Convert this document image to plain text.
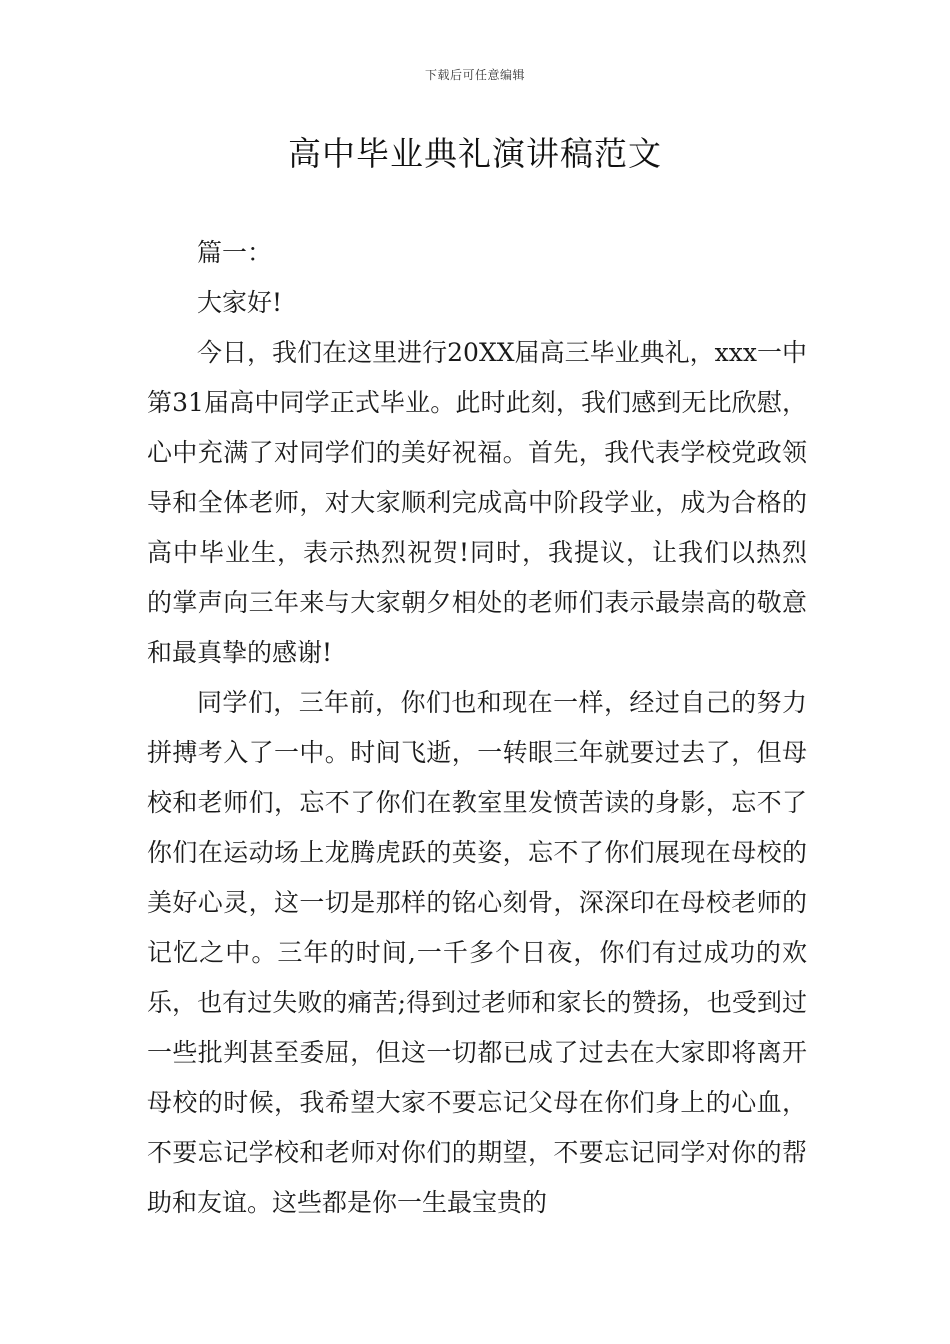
下载后可任意编辑
高中毕业典礼演讲稿范文

篇一：

大家好!

今日，我们在这里进行20XX届高三毕业典礼，xxx一中第31届高中同学正式毕业。此时此刻，我们感到无比欣慰，心中充满了对同学们的美好祝福。首先，我代表学校党政领导和全体老师，对大家顺利完成高中阶段学业，成为合格的高中毕业生，表示热烈祝贺!同时，我提议，让我们以热烈的掌声向三年来与大家朝夕相处的老师们表示最崇高的敬意和最真挚的感谢!

同学们，三年前，你们也和现在一样，经过自己的努力拼搏考入了一中。时间飞逝，一转眼三年就要过去了，但母校和老师们，忘不了你们在教室里发愤苦读的身影，忘不了你们在运动场上龙腾虎跃的英姿，忘不了你们展现在母校的美好心灵，这一切是那样的铭心刻骨，深深印在母校老师的记忆之中。三年的时间,一千多个日夜，你们有过成功的欢乐，也有过失败的痛苦;得到过老师和家长的赞扬，也受到过一些批判甚至委屈，但这一切都已成了过去在大家即将离开母校的时候，我希望大家不要忘记父母在你们身上的心血，不要忘记学校和老师对你们的期望，不要忘记同学对你的帮助和友谊。这些都是你一生最宝贵的
